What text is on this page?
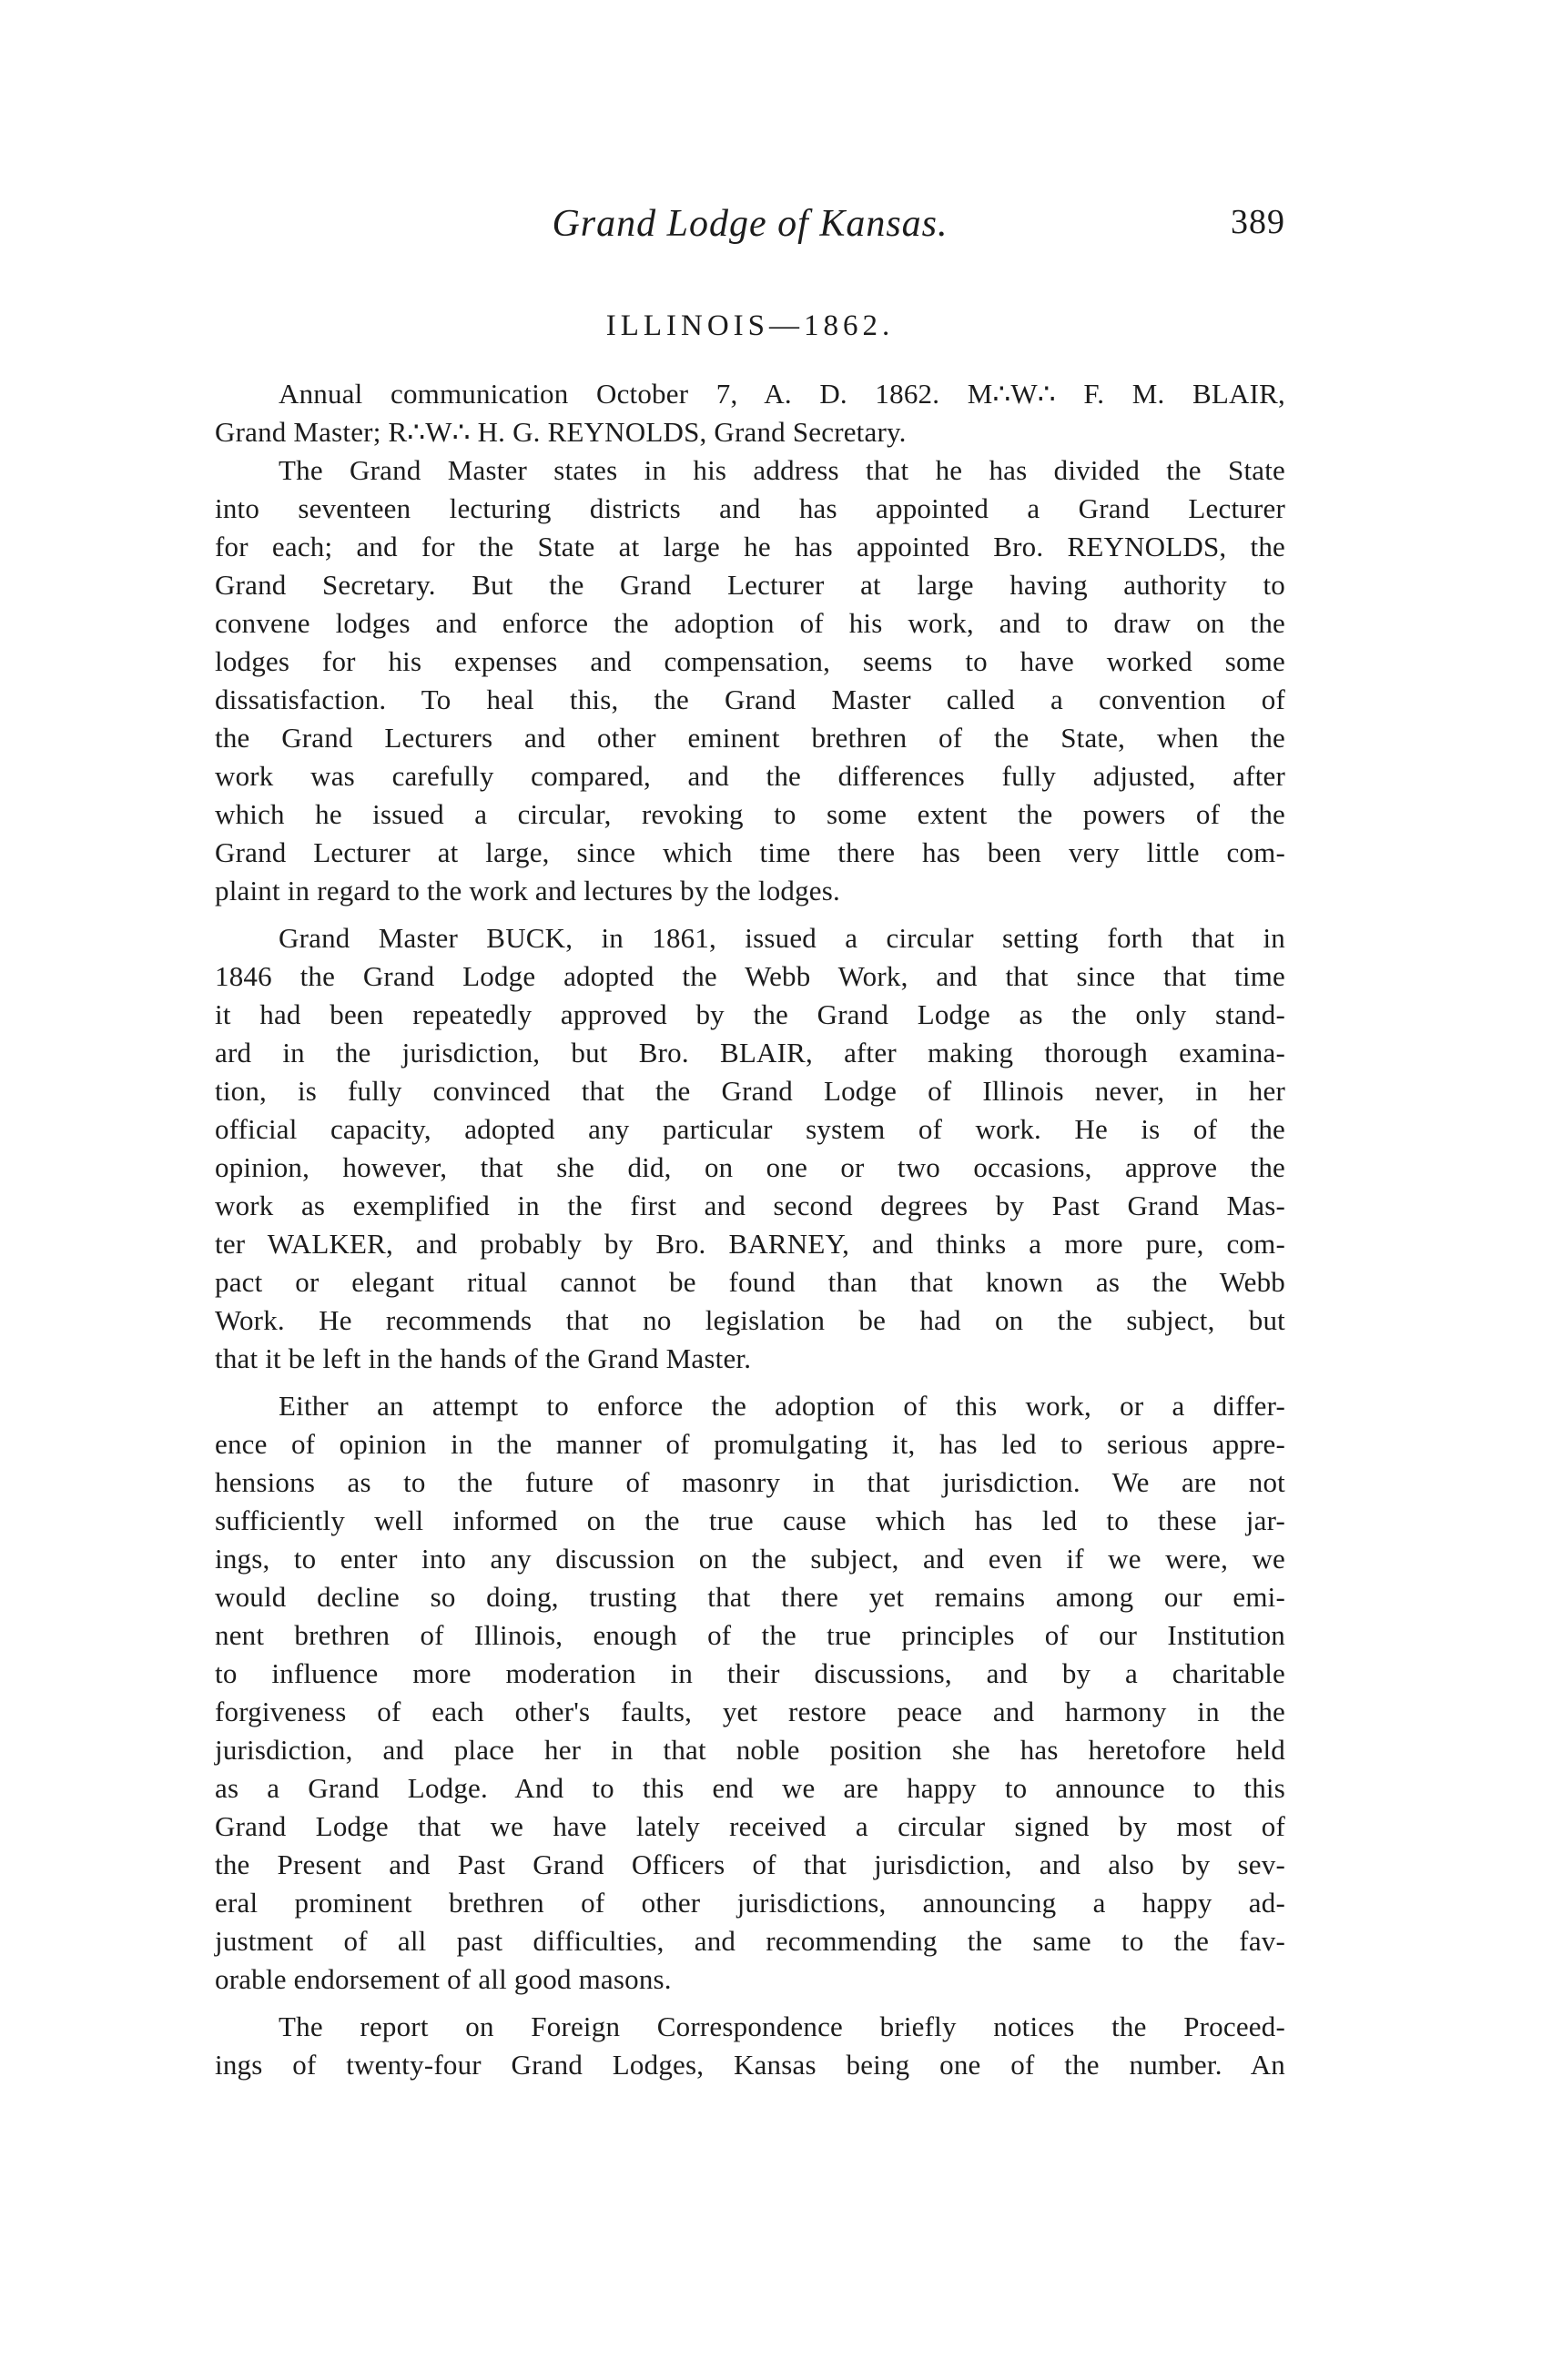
Grand Lodge of Kansas.	389
ILLINOIS—1862.
Annual communication October 7, A. D. 1862. M∴W∴ F. M. BLAIR,
Grand Master; R∴W∴ H. G. REYNOLDS, Grand Secretary.
The Grand Master states in his address that he has divided the State
into seventeen lecturing districts and has appointed a Grand Lecturer
for each; and for the State at large he has appointed Bro. REYNOLDS, the
Grand Secretary. But the Grand Lecturer at large having authority to
convene lodges and enforce the adoption of his work, and to draw on the
lodges for his expenses and compensation, seems to have worked some
dissatisfaction. To heal this, the Grand Master called a convention of
the Grand Lecturers and other eminent brethren of the State, when the
work was carefully compared, and the differences fully adjusted, after
which he issued a circular, revoking to some extent the powers of the
Grand Lecturer at large, since which time there has been very little com-
plaint in regard to the work and lectures by the lodges.
Grand Master BUCK, in 1861, issued a circular setting forth that in
1846 the Grand Lodge adopted the Webb Work, and that since that time
it had been repeatedly approved by the Grand Lodge as the only stand-
ard in the jurisdiction, but Bro. BLAIR, after making thorough examina-
tion, is fully convinced that the Grand Lodge of Illinois never, in her
official capacity, adopted any particular system of work. He is of the
opinion, however, that she did, on one or two occasions, approve the
work as exemplified in the first and second degrees by Past Grand Mas-
ter WALKER, and probably by Bro. BARNEY, and thinks a more pure, com-
pact or elegant ritual cannot be found than that known as the Webb
Work. He recommends that no legislation be had on the subject, but
that it be left in the hands of the Grand Master.
Either an attempt to enforce the adoption of this work, or a differ-
ence of opinion in the manner of promulgating it, has led to serious appre-
hensions as to the future of masonry in that jurisdiction. We are not
sufficiently well informed on the true cause which has led to these jar-
ings, to enter into any discussion on the subject, and even if we were, we
would decline so doing, trusting that there yet remains among our emi-
nent brethren of Illinois, enough of the true principles of our Institution
to influence more moderation in their discussions, and by a charitable
forgiveness of each other's faults, yet restore peace and harmony in the
jurisdiction, and place her in that noble position she has heretofore held
as a Grand Lodge. And to this end we are happy to announce to this
Grand Lodge that we have lately received a circular signed by most of
the Present and Past Grand Officers of that jurisdiction, and also by sev-
eral prominent brethren of other jurisdictions, announcing a happy ad-
justment of all past difficulties, and recommending the same to the fav-
orable endorsement of all good masons.
The report on Foreign Correspondence briefly notices the Proceed-
ings of twenty-four Grand Lodges, Kansas being one of the number. An
